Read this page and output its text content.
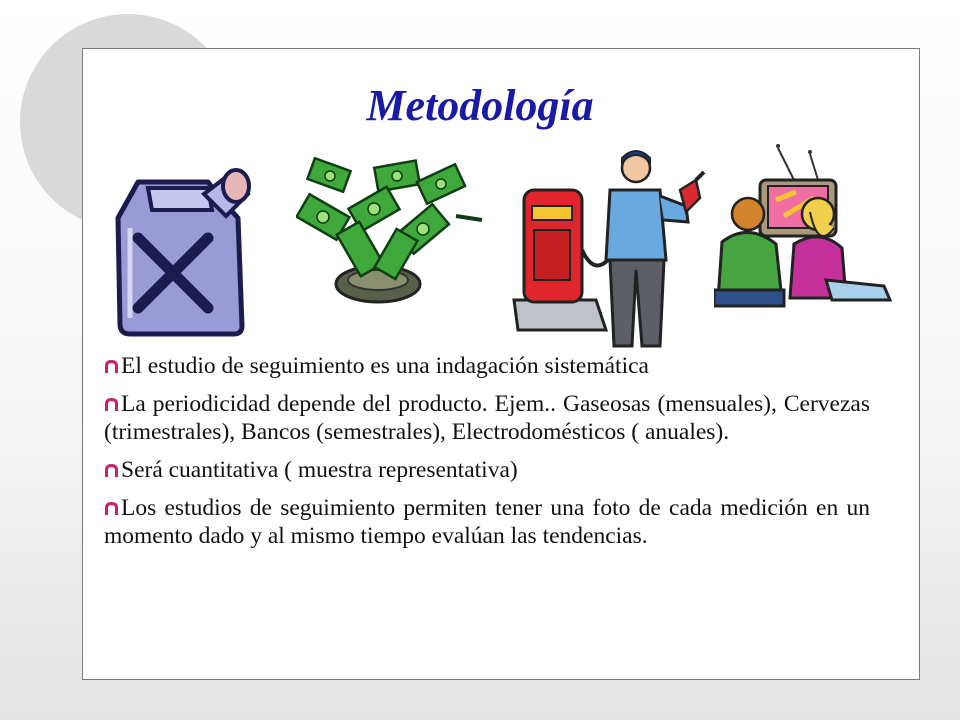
Metodología
El estudio de seguimiento es una indagación sistemática
La periodicidad depende del producto. Ejem.. Gaseosas (mensuales), Cervezas (trimestrales), Bancos (semestrales), Electrodomésticos ( anuales).
Será cuantitativa ( muestra representativa)
Los estudios de seguimiento permiten tener una foto de cada medición en un momento dado y al mismo tiempo evalúan las tendencias.
